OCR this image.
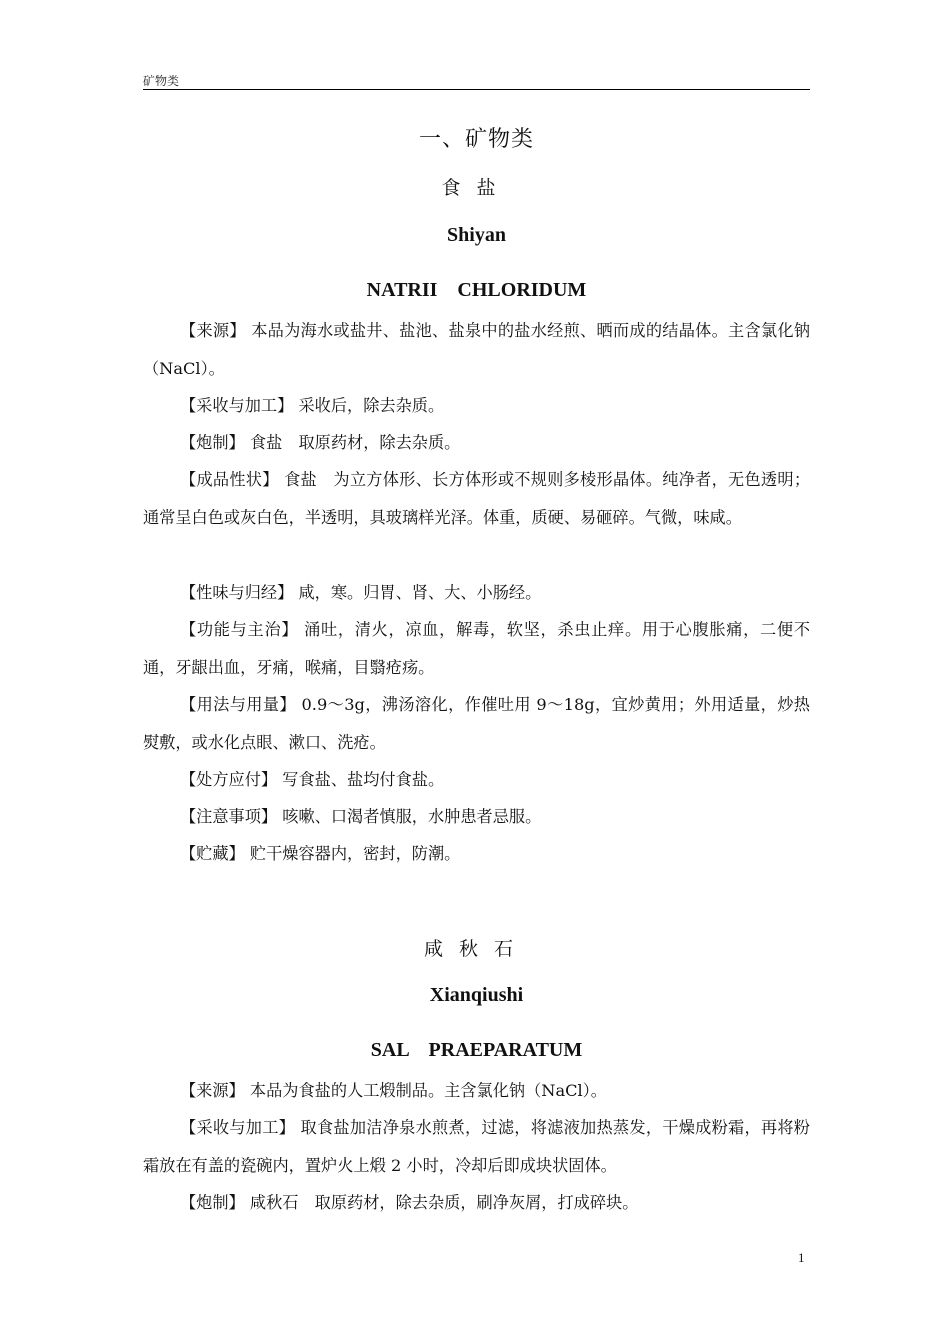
矿物类
一、矿物类
食盐
Shiyan
NATRII　CHLORIDUM
【来源】 本品为海水或盐井、盐池、盐泉中的盐水经煎、晒而成的结晶体。主含氯化钠（NaCl）。
【采收与加工】 采收后，除去杂质。
【炮制】 食盐　取原药材，除去杂质。
【成品性状】 食盐　为立方体形、长方体形或不规则多棱形晶体。纯净者，无色透明；通常呈白色或灰白色，半透明，具玻璃样光泽。体重，质硬、易砸碎。气微，味咸。
【性味与归经】 咸，寒。归胃、肾、大、小肠经。
【功能与主治】 涌吐，清火，凉血，解毒，软坚，杀虫止痒。用于心腹胀痛，二便不通，牙龈出血，牙痛，喉痛，目翳疮疡。
【用法与用量】 0.9～3g，沸汤溶化，作催吐用 9～18g，宜炒黄用；外用适量，炒热熨敷，或水化点眼、漱口、洗疮。
【处方应付】 写食盐、盐均付食盐。
【注意事项】 咳嗽、口渴者慎服，水肿患者忌服。
【贮藏】 贮干燥容器内，密封，防潮。
咸秋石
Xianqiushi
SAL　PRAEPARATUM
【来源】 本品为食盐的人工煅制品。主含氯化钠（NaCl）。
【采收与加工】 取食盐加洁净泉水煎煮，过滤，将滤液加热蒸发，干燥成粉霜，再将粉霜放在有盖的瓷碗内，置炉火上煅 2 小时，冷却后即成块状固体。
【炮制】 咸秋石　取原药材，除去杂质，刷净灰屑，打成碎块。
1
